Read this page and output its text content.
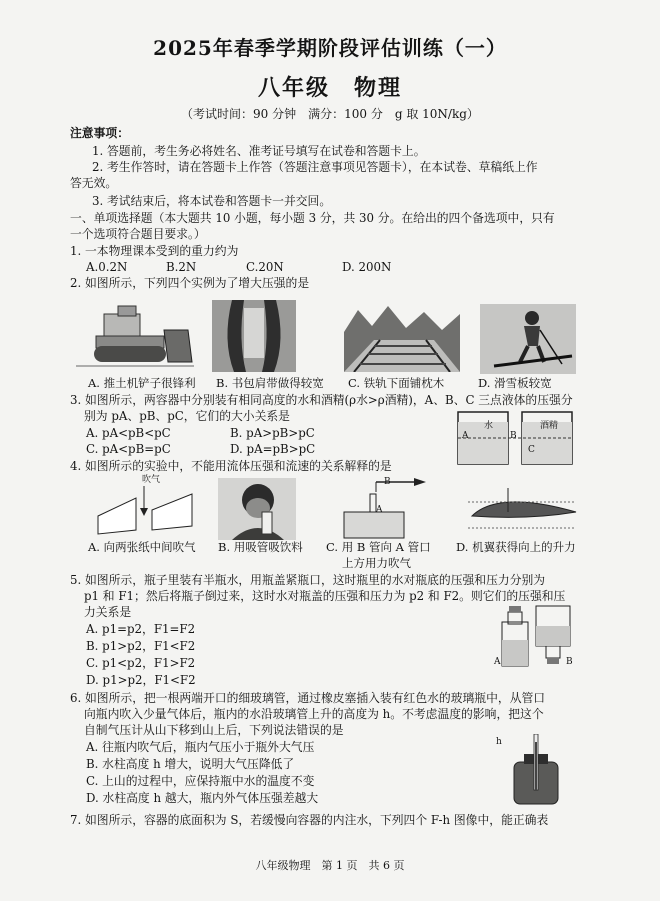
2025年春季学期阶段评估训练（一）
八年级　物理
（考试时间：90 分钟　满分：100 分　g 取 10N/kg）
注意事项：
1. 答题前，考生务必将姓名、准考证号填写在试卷和答题卡上。
2. 考生作答时，请在答题卡上作答（答题注意事项见答题卡），在本试卷、草稿纸上作
答无效。
3. 考试结束后，将本试卷和答题卡一并交回。
一、单项选择题（本大题共 10 小题，每小题 3 分，共 30 分。在给出的四个备选项中，只有
一个选项符合题目要求。）
1. 一本物理课本受到的重力约为
A.0.2N	B.2N	C.20N	D. 200N
2. 如图所示，下列四个实例为了增大压强的是
A. 推土机铲子很锋利 B. 书包肩带做得较宽 C. 铁轨下面铺枕木	D. 滑雪板较宽
3. 如图所示，两容器中分别装有相同高度的水和酒精(ρ水>ρ酒精)，A、B、C 三点液体的压强分
别为 pA、pB、pC，它们的大小关系是
A. pA<pB<pC	B. pA>pB>pC
C. pA<pB=pC	D. pA=pB>pC
水	酒精
A	B
C
4. 如图所示的实验中，不能用流体压强和流速的关系解释的是
吹气	B
A
A. 向两张纸中间吹气 B. 用吸管吸饮料 C. 用 B 管向 A 管口
上方用力吹气
D. 机翼获得向上的升力
5. 如图所示，瓶子里装有半瓶水，用瓶盖紧瓶口，这时瓶里的水对瓶底的压强和压力分别为
p1 和 F1；然后将瓶子倒过来，这时水对瓶盖的压强和压力为 p2 和 F2。则它们的压强和压
力关系是
A. p1=p2，F1=F2
B. p1>p2，F1<F2
C. p1<p2，F1>F2
D. p1>p2，F1<F2
A	B
6. 如图所示，把一根两端开口的细玻璃管，通过橡皮塞插入装有红色水的玻璃瓶中，从管口
向瓶内吹入少量气体后，瓶内的水沿玻璃管上升的高度为 h。不考虑温度的影响，把这个
自制气压计从山下移到山上后，下列说法错误的是
A. 往瓶内吹气后，瓶内气压小于瓶外大气压
B. 水柱高度 h 增大，说明大气压降低了
C. 上山的过程中，应保持瓶中水的温度不变
D. 水柱高度 h 越大，瓶内外气体压强差越大
h
7. 如图所示，容器的底面积为 S，若缓慢向容器的内注水，下列四个 F-h 图像中，能正确表
八年级物理　第 1 页　共 6 页
